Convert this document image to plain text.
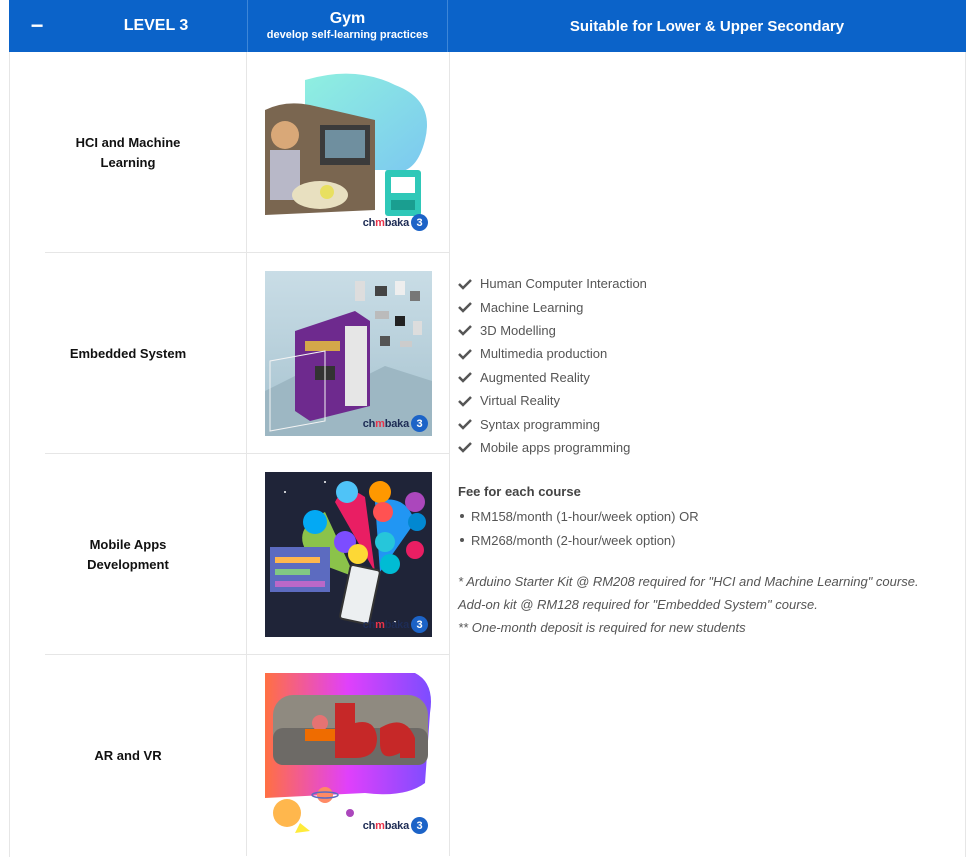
−	LEVEL 3	Gym
develop self-learning practices
Suitable for Lower & Upper Secondary
HCI and Machine Learning
chmbaka 3
Embedded System
chmbaka 3
Mobile Apps Development
chmbaka 3
AR and VR
chmbaka 3
Human Computer Interaction
Machine Learning
3D Modelling
Multimedia production
Augmented Reality
Virtual Reality
Syntax programming
Mobile apps programming
Fee for each course
RM158/month (1-hour/week option) OR
RM268/month (2-hour/week option)
* Arduino Starter Kit @ RM208 required for "HCI and Machine Learning" course. Add-on kit @ RM128 required for "Embedded System" course.
** One-month deposit is required for new students
